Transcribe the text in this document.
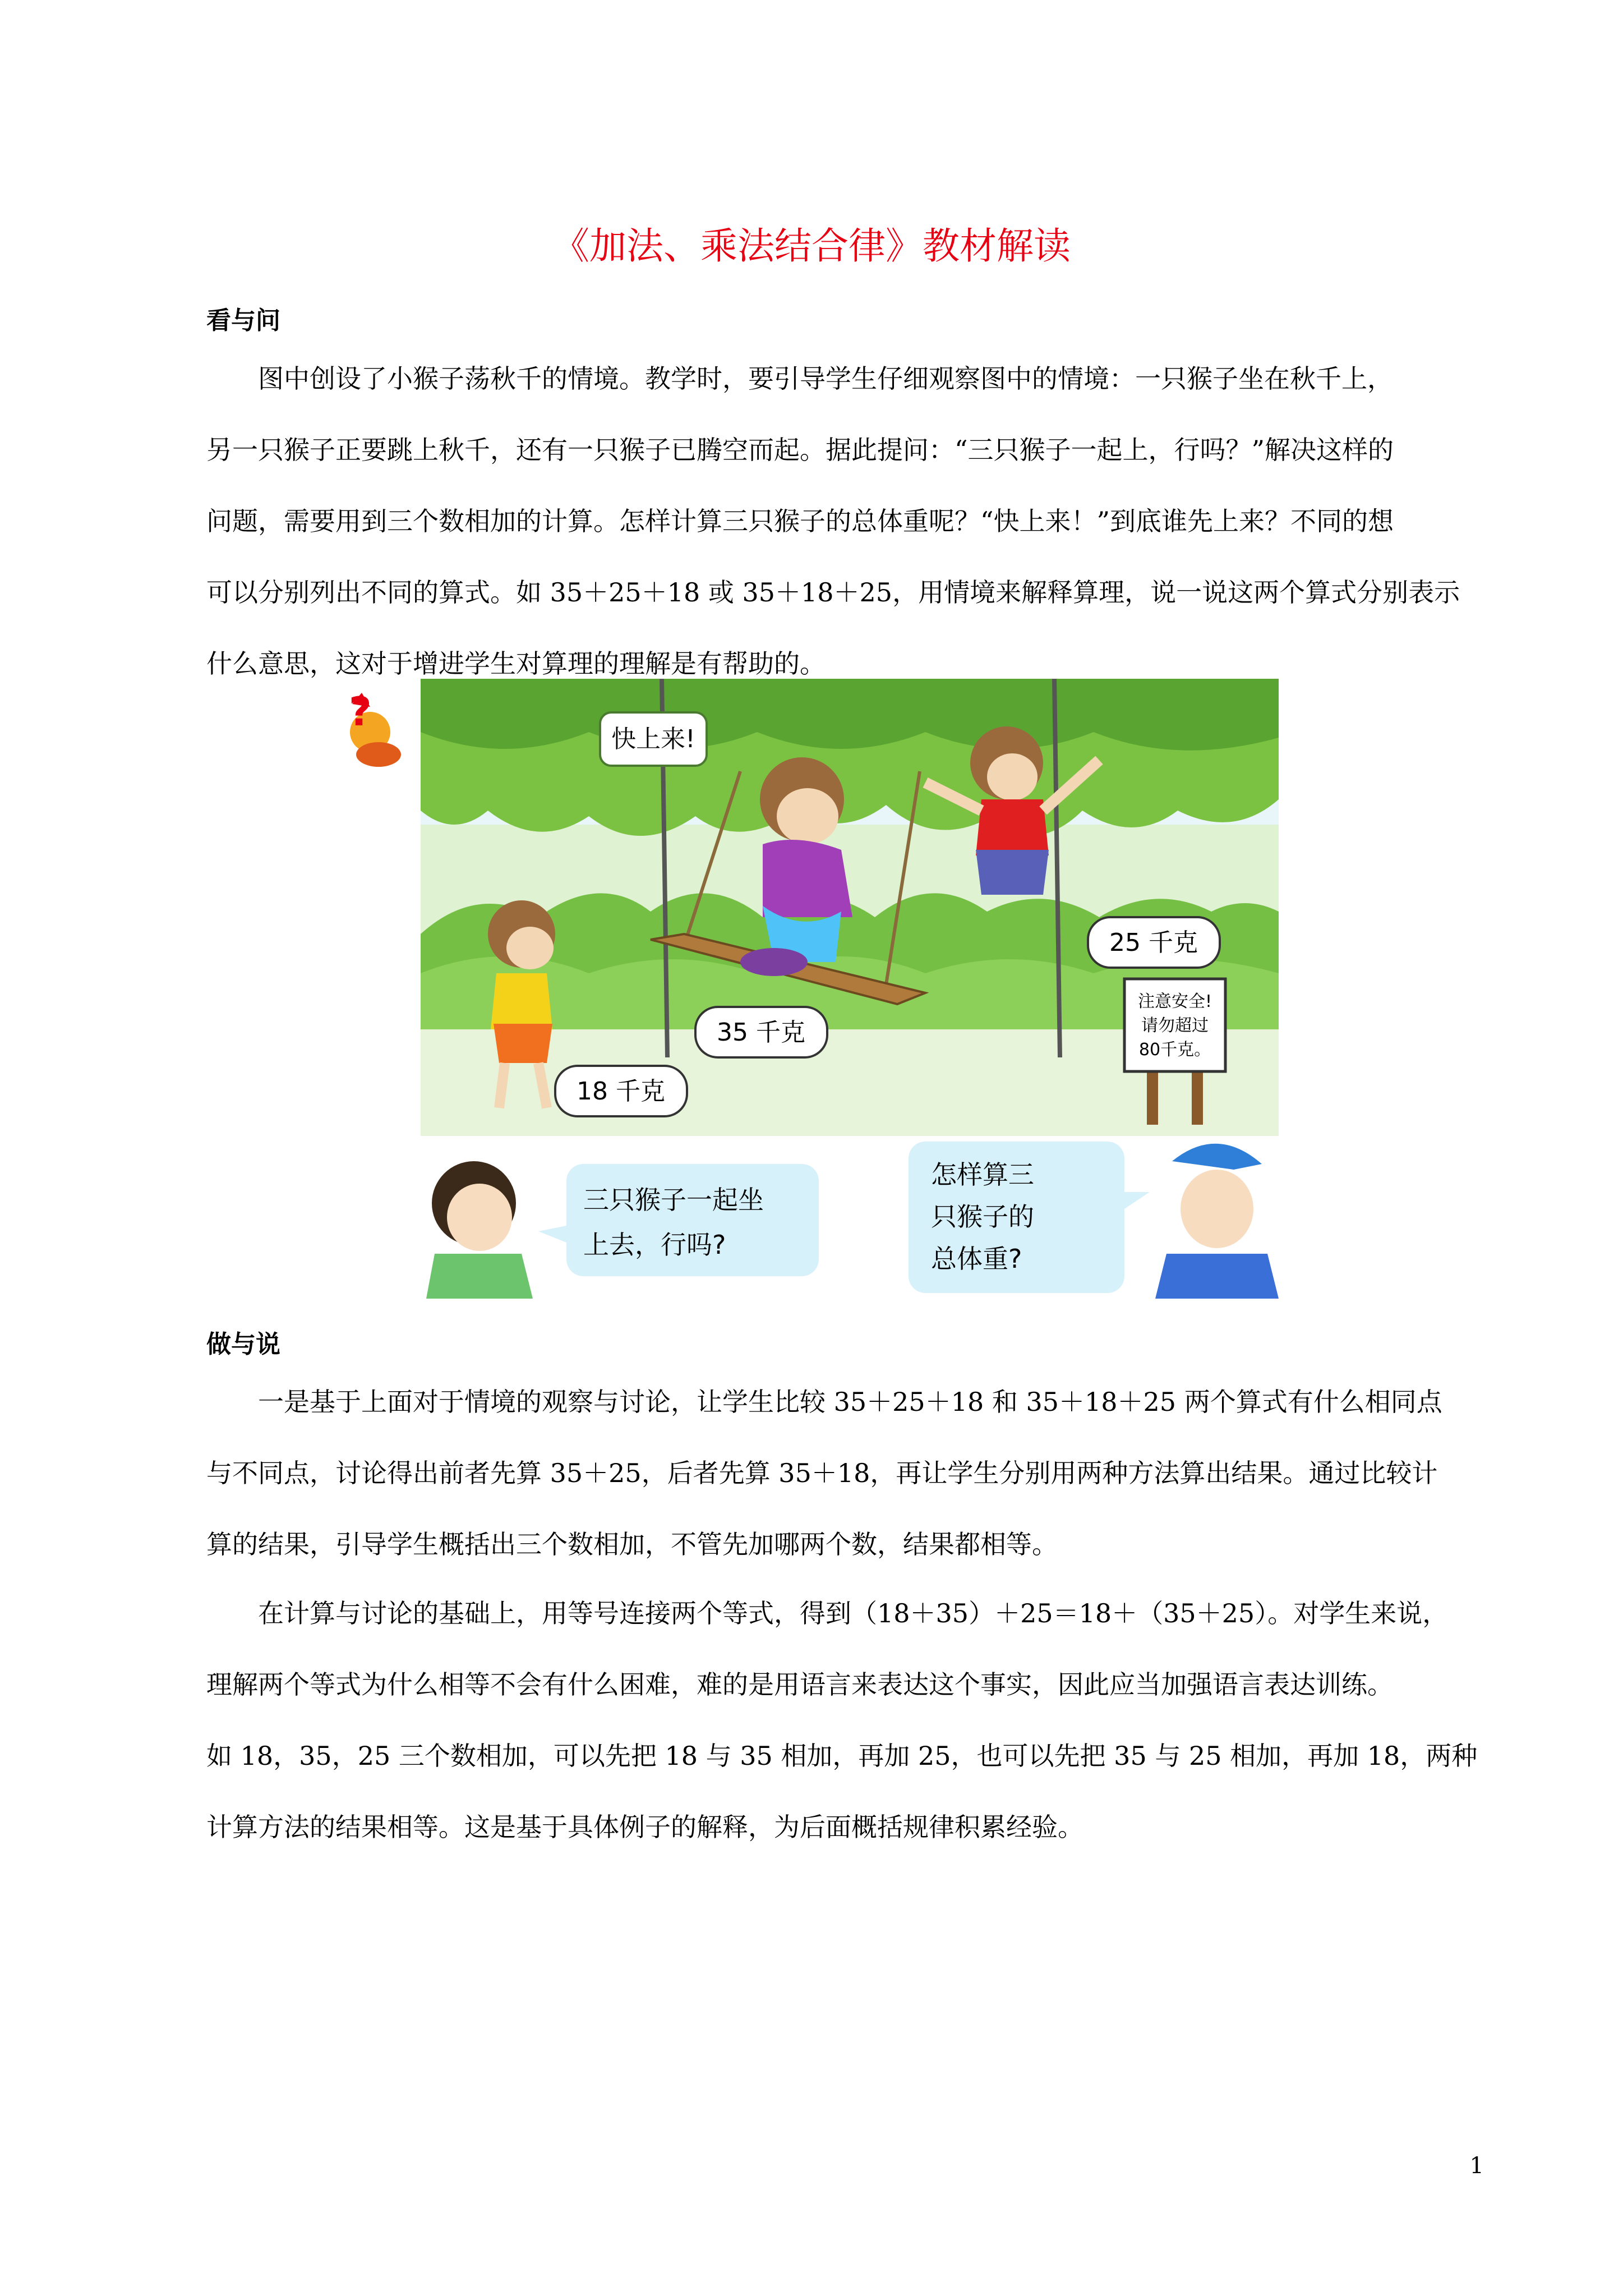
《加法、乘法结合律》教材解读
看与问

　　图中创设了小猴子荡秋千的情境。教学时，要引导学生仔细观察图中的情境：一只猴子坐在秋千上，

另一只猴子正要跳上秋千，还有一只猴子已腾空而起。据此提问：“三只猴子一起上，行吗？”解决这样的

问题，需要用到三个数相加的计算。怎样计算三只猴子的总体重呢？“快上来！”到底谁先上来？不同的想

可以分别列出不同的算式。如 35＋25＋18 或 35＋18＋25，用情境来解释算理，说一说这两个算式分别表示

什么意思，这对于增进学生对算理的理解是有帮助的。

?
快上来!
35 千克
25 千克
18 千克
注意安全!
请勿超过
80千克。
三只猴子一起坐
上去，行吗?
怎样算三
只猴子的
总体重?
做与说

　　一是基于上面对于情境的观察与讨论，让学生比较 35＋25＋18 和 35＋18＋25 两个算式有什么相同点

与不同点，讨论得出前者先算 35＋25，后者先算 35＋18，再让学生分别用两种方法算出结果。通过比较计

算的结果，引导学生概括出三个数相加，不管先加哪两个数，结果都相等。

　　在计算与讨论的基础上，用等号连接两个等式，得到（18＋35）＋25＝18＋（35＋25）。对学生来说，

理解两个等式为什么相等不会有什么困难，难的是用语言来表达这个事实，因此应当加强语言表达训练。

如 18，35，25 三个数相加，可以先把 18 与 35 相加，再加 25，也可以先把 35 与 25 相加，再加 18，两种

计算方法的结果相等。这是基于具体例子的解释，为后面概括规律积累经验。

1
